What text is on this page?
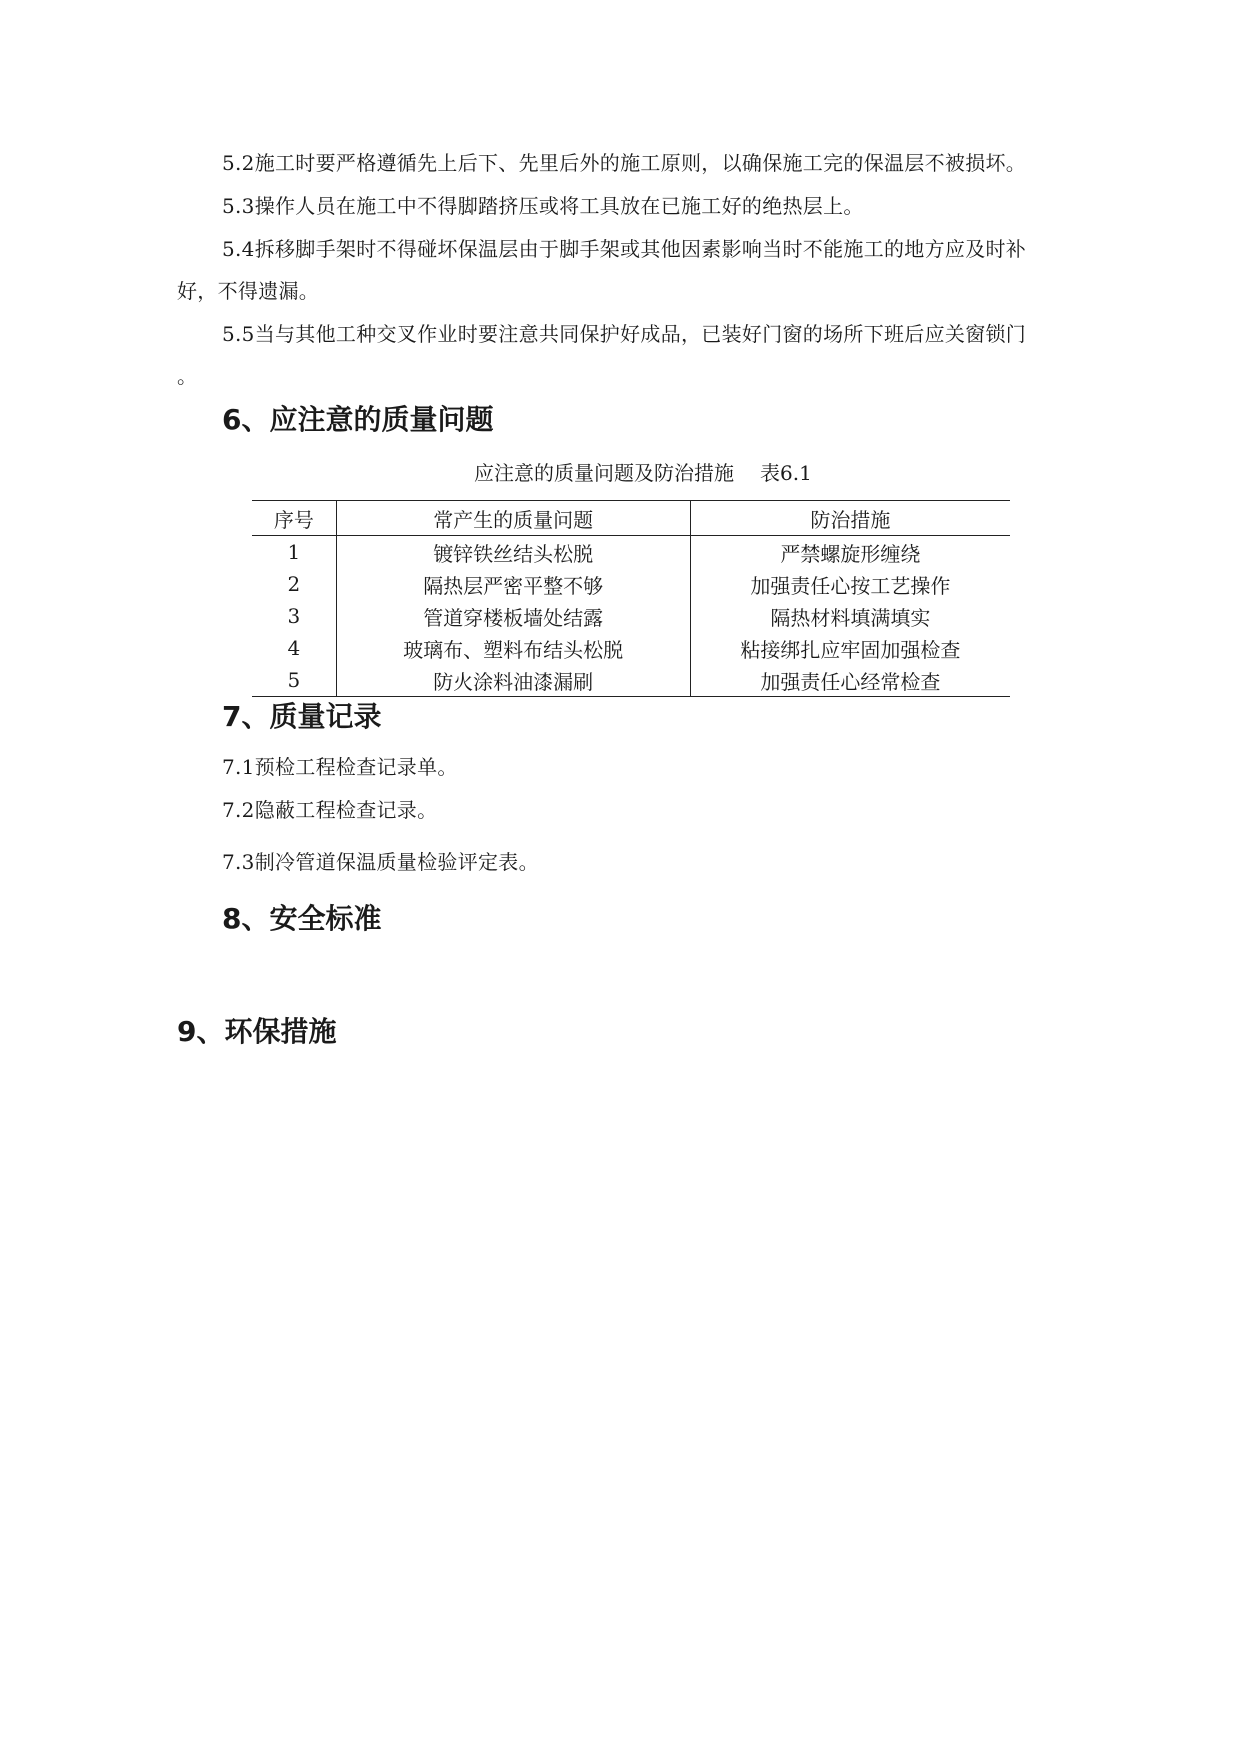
5.2施工时要严格遵循先上后下、先里后外的施工原则，以确保施工完的保温层不被损坏。
5.3操作人员在施工中不得脚踏挤压或将工具放在已施工好的绝热层上。
5.4拆移脚手架时不得碰坏保温层由于脚手架或其他因素影响当时不能施工的地方应及时补
好，不得遗漏。
5.5当与其他工种交叉作业时要注意共同保护好成品，已装好门窗的场所下班后应关窗锁门
。
6、应注意的质量问题
应注意的质量问题及防治措施 表6.1
序号	常产生的质量问题	防治措施
1	镀锌铁丝结头松脱	严禁螺旋形缠绕
2	隔热层严密平整不够	加强责任心按工艺操作
3	管道穿楼板墙处结露	隔热材料填满填实
4	玻璃布、塑料布结头松脱	粘接绑扎应牢固加强检查
5	防火涂料油漆漏刷	加强责任心经常检查
7、质量记录
7.1预检工程检查记录单。
7.2隐蔽工程检查记录。
7.3制冷管道保温质量检验评定表。
8、安全标准
9、环保措施
